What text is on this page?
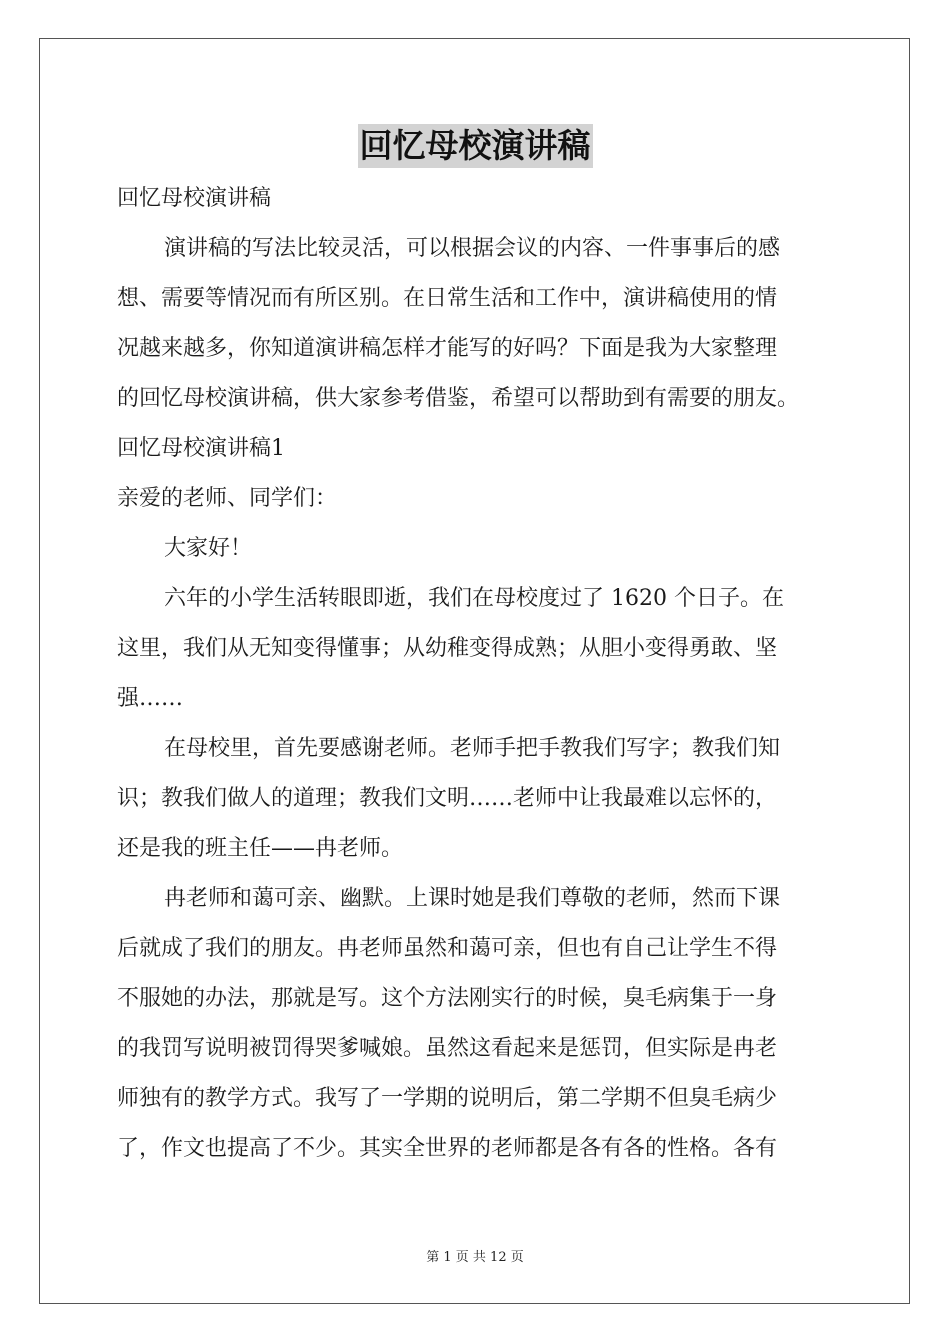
回忆母校演讲稿

回忆母校演讲稿

演讲稿的写法比较灵活，可以根据会议的内容、一件事事后的感

想、需要等情况而有所区别。在日常生活和工作中，演讲稿使用的情

况越来越多，你知道演讲稿怎样才能写的好吗？下面是我为大家整理

的回忆母校演讲稿，供大家参考借鉴，希望可以帮助到有需要的朋友。

回忆母校演讲稿1

亲爱的老师、同学们：

大家好！

六年的小学生活转眼即逝，我们在母校度过了 1620 个日子。在

这里，我们从无知变得懂事；从幼稚变得成熟；从胆小变得勇敢、坚

强……

在母校里，首先要感谢老师。老师手把手教我们写字；教我们知

识；教我们做人的道理；教我们文明……老师中让我最难以忘怀的，

还是我的班主任——冉老师。

冉老师和蔼可亲、幽默。上课时她是我们尊敬的老师，然而下课

后就成了我们的朋友。冉老师虽然和蔼可亲，但也有自己让学生不得

不服她的办法，那就是写。这个方法刚实行的时候，臭毛病集于一身

的我罚写说明被罚得哭爹喊娘。虽然这看起来是惩罚，但实际是冉老

师独有的教学方式。我写了一学期的说明后，第二学期不但臭毛病少

了，作文也提高了不少。其实全世界的老师都是各有各的性格。各有

第 1 页 共 12 页
